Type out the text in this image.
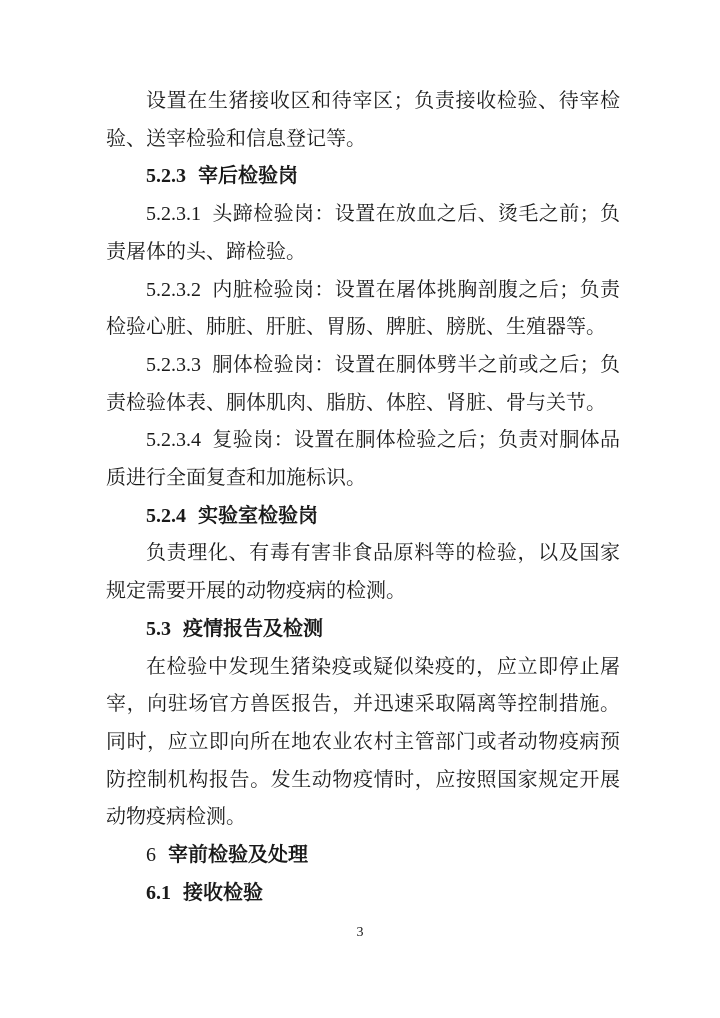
设置在生猪接收区和待宰区；负责接收检验、待宰检验、送宰检验和信息登记等。

5.2.3 宰后检验岗

5.2.3.1 头蹄检验岗：设置在放血之后、烫毛之前；负责屠体的头、蹄检验。

5.2.3.2 内脏检验岗：设置在屠体挑胸剖腹之后；负责检验心脏、肺脏、肝脏、胃肠、脾脏、膀胱、生殖器等。

5.2.3.3 胴体检验岗：设置在胴体劈半之前或之后；负责检验体表、胴体肌肉、脂肪、体腔、肾脏、骨与关节。

5.2.3.4 复验岗：设置在胴体检验之后；负责对胴体品质进行全面复查和加施标识。

5.2.4 实验室检验岗

负责理化、有毒有害非食品原料等的检验，以及国家规定需要开展的动物疫病的检测。

5.3 疫情报告及检测

在检验中发现生猪染疫或疑似染疫的，应立即停止屠宰，向驻场官方兽医报告，并迅速采取隔离等控制措施。同时，应立即向所在地农业农村主管部门或者动物疫病预防控制机构报告。发生动物疫情时，应按照国家规定开展动物疫病检测。

6 宰前检验及处理
6.1 接收检验
3
